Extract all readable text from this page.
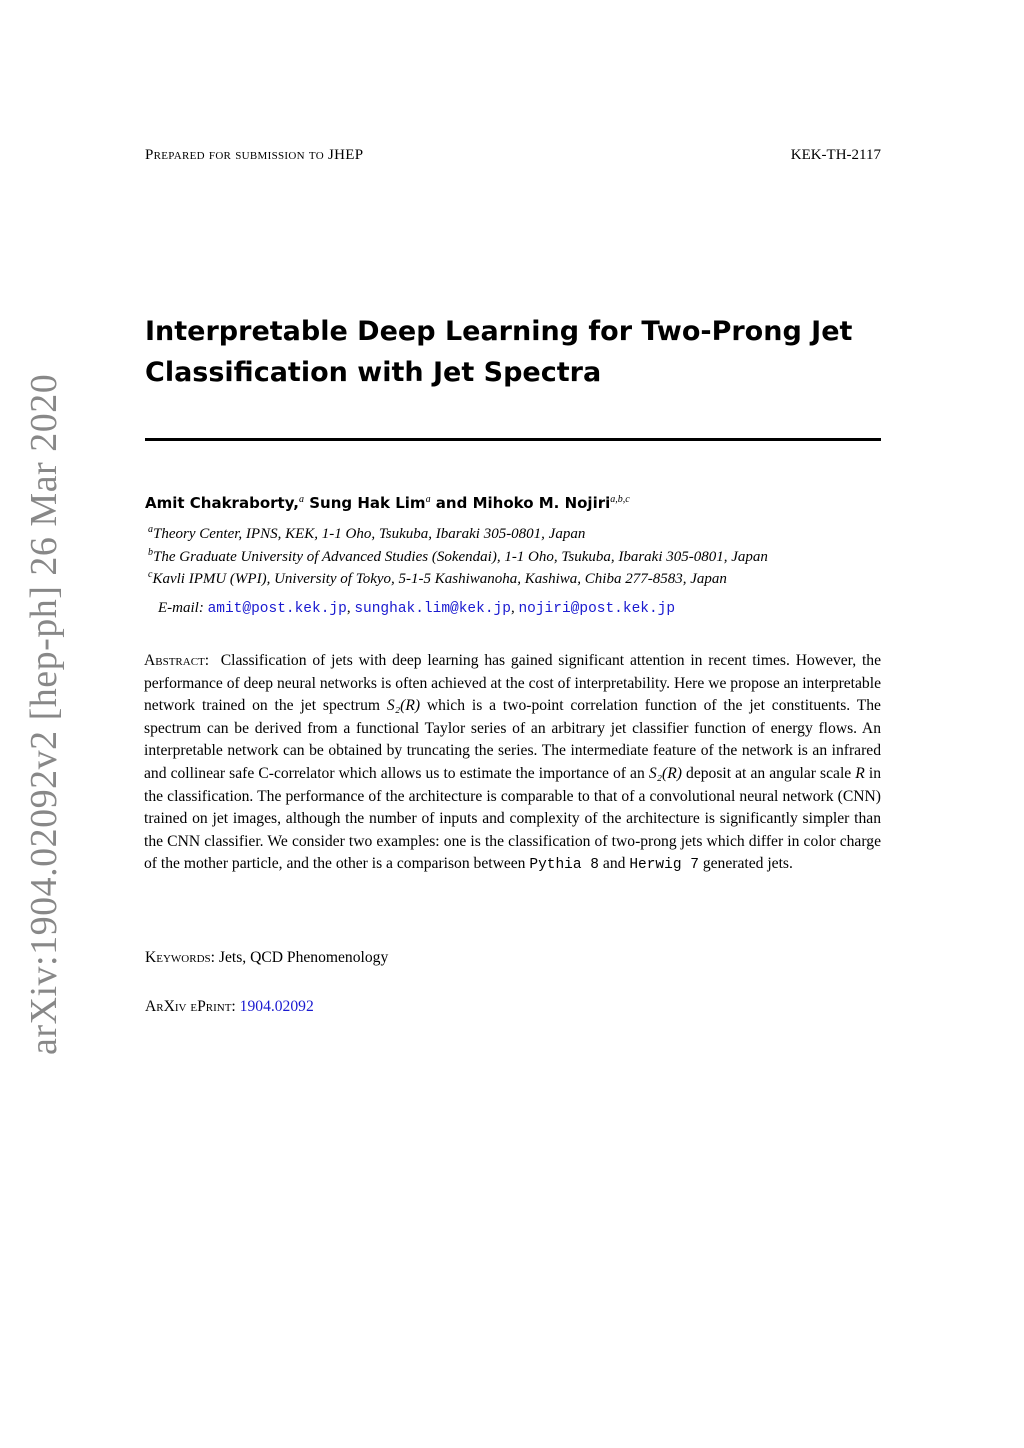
Prepared for submission to JHEP	KEK-TH-2117
Interpretable Deep Learning for Two-Prong Jet
Classification with Jet Spectra
Amit Chakraborty,$^a$ Sung Hak Lim$^a$ and Mihoko M. Nojiri$^{a,b,c}$
$^a$Theory Center, IPNS, KEK, 1-1 Oho, Tsukuba, Ibaraki 305-0801, Japan
$^b$The Graduate University of Advanced Studies (Sokendai), 1-1 Oho, Tsukuba, Ibaraki 305-0801, Japan
$^c$Kavli IPMU (WPI), University of Tokyo, 5-1-5 Kashiwanoha, Kashiwa, Chiba 277-8583, Japan
E-mail: amit@post.kek.jp, sunghak.lim@kek.jp, nojiri@post.kek.jp
Abstract: Classification of jets with deep learning has gained significant attention in recent times. However, the performance of deep neural networks is often achieved at the cost of interpretability. Here we propose an interpretable network trained on the jet spectrum S₂(R) which is a two-point correlation function of the jet constituents. The spectrum can be derived from a functional Taylor series of an arbitrary jet classifier function of energy flows. An interpretable network can be obtained by truncating the series. The intermediate feature of the network is an infrared and collinear safe C-correlator which allows us to estimate the importance of an S₂(R) deposit at an angular scale R in the classification. The performance of the architecture is comparable to that of a convolutional neural network (CNN) trained on jet images, although the number of inputs and complexity of the architecture is significantly simpler than the CNN classifier. We consider two examples: one is the classification of two-prong jets which differ in color charge of the mother particle, and the other is a comparison between Pythia 8 and Herwig 7 generated jets.
Keywords: Jets, QCD Phenomenology
ArXiv ePrint: 1904.02092
arXiv:1904.02092v2 [hep-ph] 26 Mar 2020
